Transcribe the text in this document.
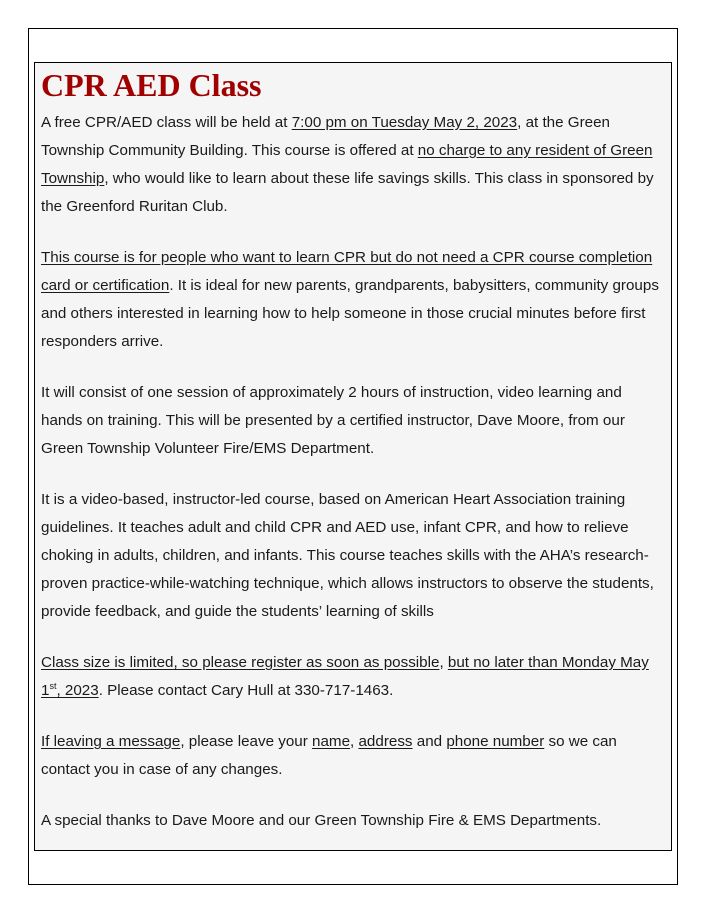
CPR AED Class

A free CPR/AED class will be held at 7:00 pm on Tuesday May 2, 2023, at the Green Township Community Building. This course is offered at no charge to any resident of Green Township, who would like to learn about these life savings skills. This class in sponsored by the Greenford Ruritan Club.

This course is for people who want to learn CPR but do not need a CPR course completion card or certification. It is ideal for new parents, grandparents, babysitters, community groups and others interested in learning how to help someone in those crucial minutes before first responders arrive.

It will consist of one session of approximately 2 hours of instruction, video learning and hands on training. This will be presented by a certified instructor, Dave Moore, from our Green Township Volunteer Fire/EMS Department.

It is a video-based, instructor-led course, based on American Heart Association training guidelines. It teaches adult and child CPR and AED use, infant CPR, and how to relieve choking in adults, children, and infants. This course teaches skills with the AHA’s research-proven practice-while-watching technique, which allows instructors to observe the students, provide feedback, and guide the students’ learning of skills

Class size is limited, so please register as soon as possible, but no later than Monday May 1st, 2023. Please contact Cary Hull at 330-717-1463.

If leaving a message, please leave your name, address and phone number so we can contact you in case of any changes.

A special thanks to Dave Moore and our Green Township Fire & EMS Departments.
